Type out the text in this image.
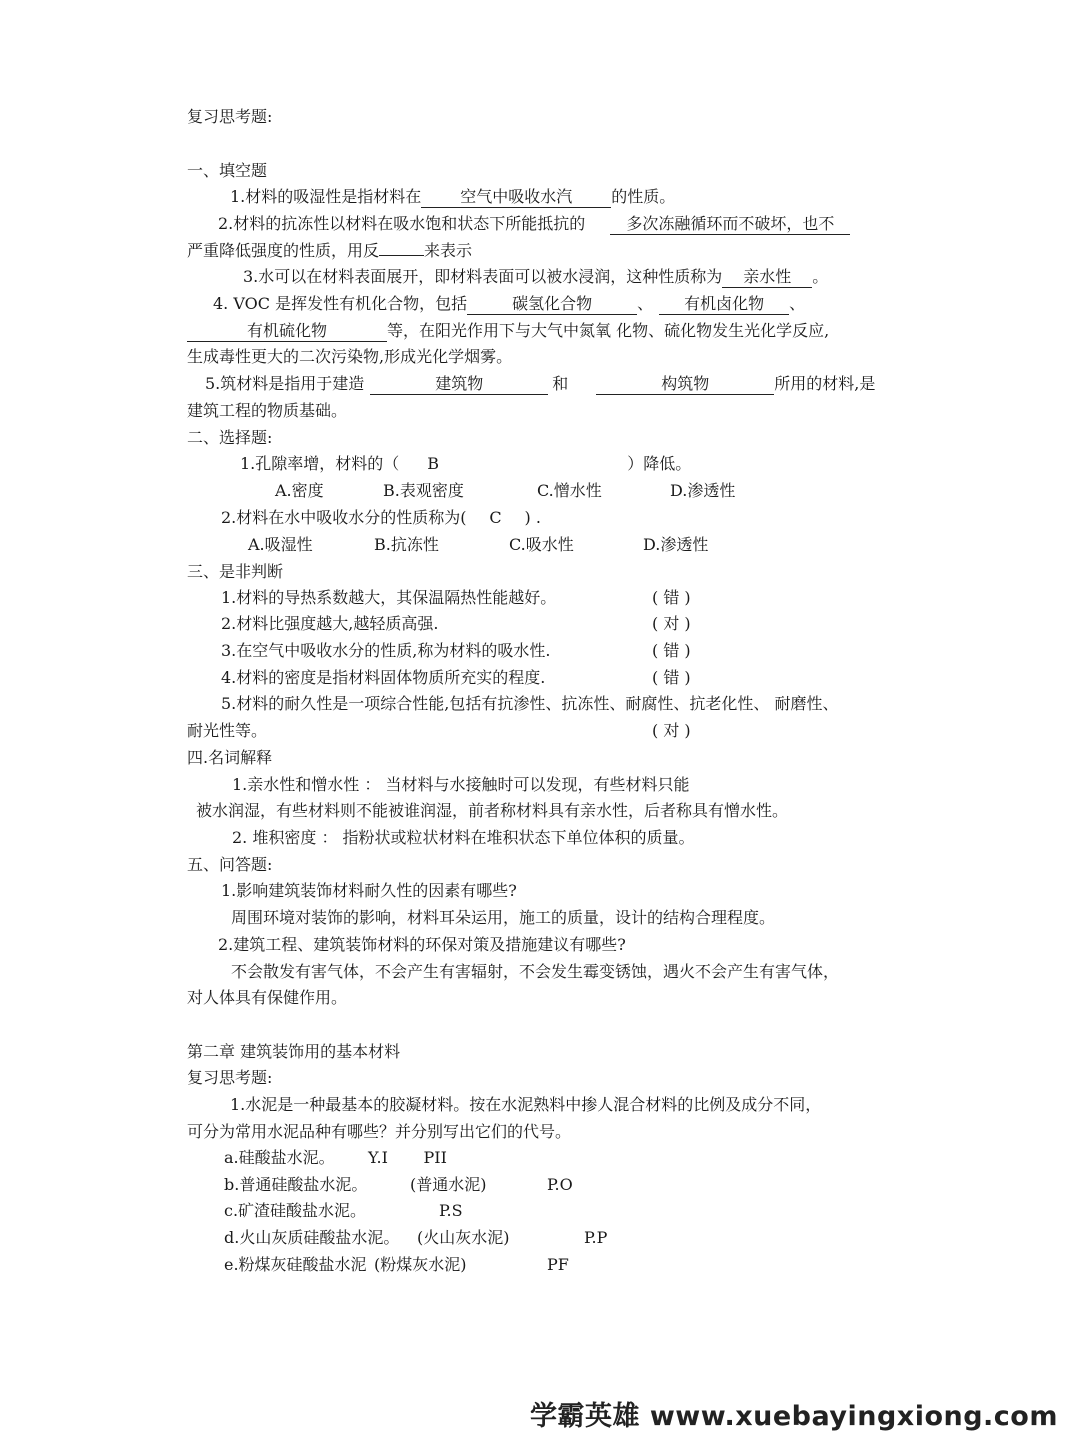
复习思考题:
一、填空题
1.材料的吸湿性是指材料在 空气中吸收水汽 的性质。
2.材料的抗冻性以材料在吸水饱和状态下所能抵抗的	多次冻融循环而不破坏，也不
严重降低强度的性质，用反	来表示
3.水可以在材料表面展开，即材料表面可以被水浸润，这种性质称为 亲水性 。
4. VOC 是挥发性有机化合物，包括	碳氢化合物	、 有机卤化物 、
有机硫化物	等，在阳光作用下与大气中氮氧 化物、硫化物发生光化学反应,
生成毒性更大的二次污染物,形成光化学烟雾。
5.筑材料是指用于建造	建筑物	和	构筑物	所用的材料,是
建筑工程的物质基础。
二、选择题:
1.孔隙率增，材料的（ B	）降低。
A.密度	B.表观密度	C.憎水性	D.渗透性
2.材料在水中吸收水分的性质称为( C ) .
A.吸湿性	B.抗冻性	C.吸水性	D.渗透性
三、是非判断
1.材料的导热系数越大，其保温隔热性能越好。	( 错 )
2.材料比强度越大,越轻质高强.	( 对 )
3.在空气中吸收水分的性质,称为材料的吸水性.	( 错 )
4.材料的密度是指材料固体物质所充实的程度.	( 错 )
5.材料的耐久性是一项综合性能,包括有抗渗性、抗冻性、耐腐性、抗老化性、 耐磨性、
耐光性等。	( 对 )
四.名词解释
1.亲水性和憎水性 ： 当材料与水接触时可以发现，有些材料只能
被水润湿，有些材料则不能被谁润湿，前者称材料具有亲水性，后者称具有憎水性。
2. 堆积密度 ： 指粉状或粒状材料在堆积状态下单位体积的质量。
五、问答题:
1.影响建筑装饰材料耐久性的因素有哪些?
周围环境对装饰的影响，材料耳朵运用，施工的质量，设计的结构合理程度。
2.建筑工程、建筑装饰材料的环保对策及措施建议有哪些?
不会散发有害气体，不会产生有害辐射，不会发生霉变锈蚀，遇火不会产生有害气体，
对人体具有保健作用。
第二章 建筑装饰用的基本材料
复习思考题:
1.水泥是一种最基本的胶凝材料。按在水泥熟料中掺人混合材料的比例及成分不同，
可分为常用水泥品种有哪些？并分别写出它们的代号。
a.硅酸盐水泥。 Y.I       PII
b.普通硅酸盐水泥。	(普通水泥)	P.O
c.矿渣硅酸盐水泥。	P.S
d.火山灰质硅酸盐水泥。 (火山灰水泥)	P.P
e.粉煤灰硅酸盐水泥 (粉煤灰水泥)	PF
学霸英雄 www.xuebayingxiong.com
